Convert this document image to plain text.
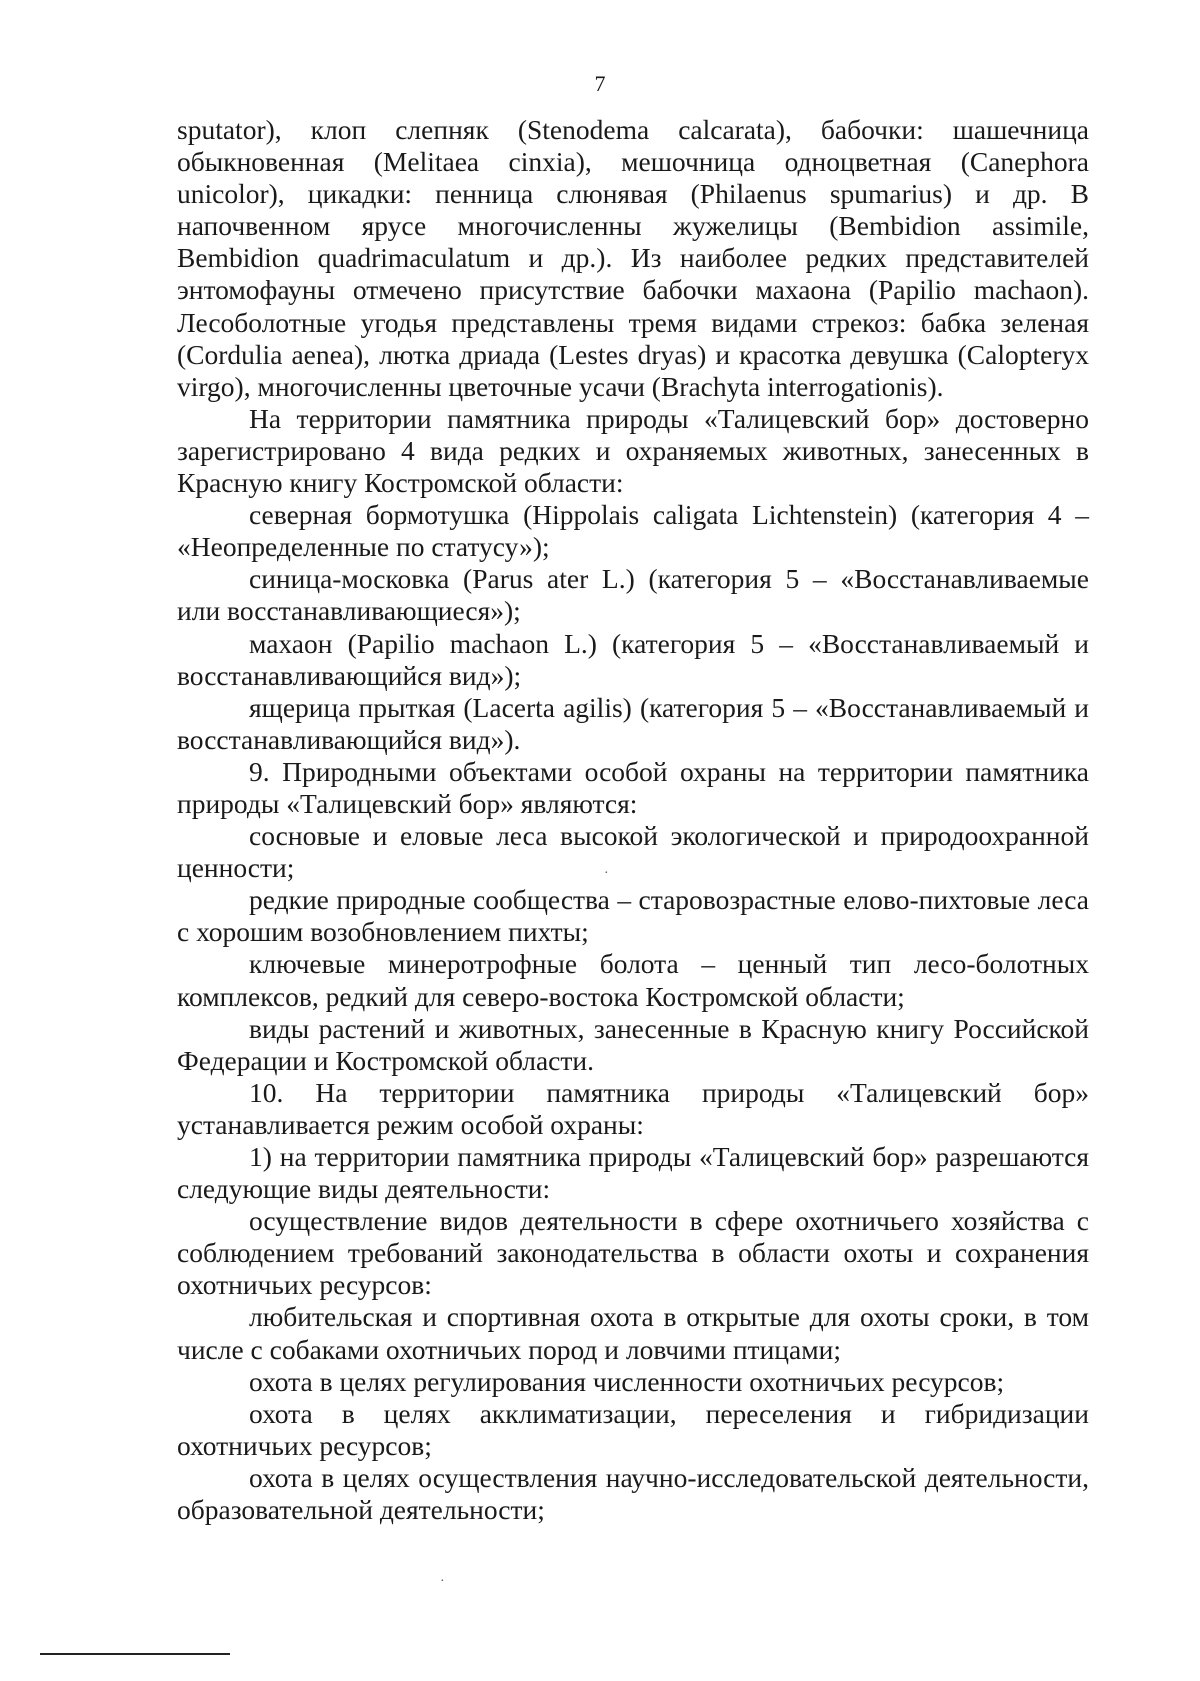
7

sputator), клоп слепняк (Stenodema calcarata), бабочки: шашечница обыкновенная (Melitaea cinxia), мешочница одноцветная (Canephora unicolor), цикадки: пенница слюнявая (Philaenus spumarius) и др. В напочвенном ярусе многочисленны жужелицы (Bembidion assimile, Bembidion quadrimaculatum и др.). Из наиболее редких представителей энтомофауны отмечено присутствие бабочки махаона (Papilio machaon). Лесоболотные угодья представлены тремя видами стрекоз: бабка зеленая (Cordulia aenea), лютка дриада (Lestes dryas) и красотка девушка (Calopteryx virgo), многочисленны цветочные усачи (Brachyta interrogationis).

На территории памятника природы «Талицевский бор» достоверно зарегистрировано 4 вида редких и охраняемых животных, занесенных в Красную книгу Костромской области:

северная бормотушка (Hippolais caligata Lichtenstein) (категория 4 – «Неопределенные по статусу»);

синица-московка (Parus ater L.) (категория 5 – «Восстанавливаемые или восстанавливающиеся»);

махаон (Papilio machaon L.) (категория 5 – «Восстанавливаемый и восстанавливающийся вид»);

ящерица прыткая (Lacerta agilis) (категория 5 – «Восстанавливаемый и восстанавливающийся вид»).

9. Природными объектами особой охраны на территории памятника природы «Талицевский бор» являются:

сосновые и еловые леса высокой экологической и природоохранной ценности;

редкие природные сообщества – старовозрастные елово-пихтовые леса с хорошим возобновлением пихты;

ключевые минеротрофные болота – ценный тип лесо-болотных комплексов, редкий для северо-востока Костромской области;

виды растений и животных, занесенные в Красную книгу Российской Федерации и Костромской области.

10. На территории памятника природы «Талицевский бор» устанавливается режим особой охраны:

1) на территории памятника природы «Талицевский бор» разрешаются следующие виды деятельности:

осуществление видов деятельности в сфере охотничьего хозяйства с соблюдением требований законодательства в области охоты и сохранения охотничьих ресурсов:

любительская и спортивная охота в открытые для охоты сроки, в том числе с собаками охотничьих пород и ловчими птицами;

охота в целях регулирования численности охотничьих ресурсов;

охота в целях акклиматизации, переселения и гибридизации охотничьих ресурсов;

охота в целях осуществления научно-исследовательской деятельности, образовательной деятельности;

·
·
